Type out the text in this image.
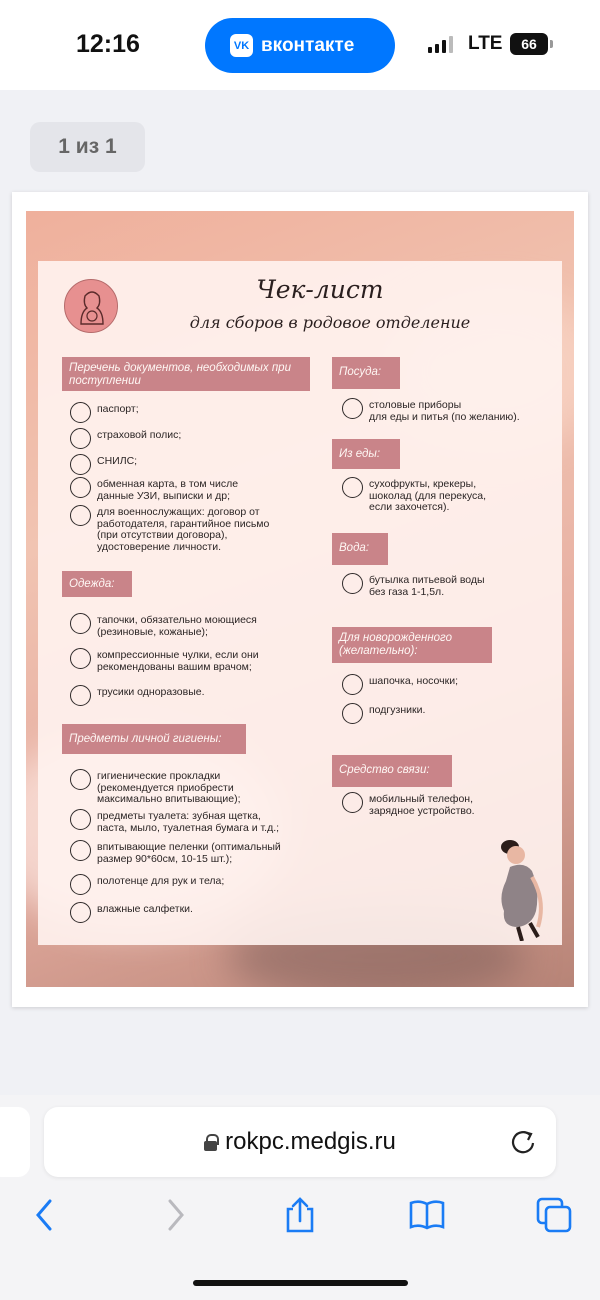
12:16	VK вконтакте	LTE	66
1 из 1
Чек-лист
для сборов в родовое отделение
Перечень документов, необходимых при поступлении
паспорт;
страховой полис;
СНИЛС;
обменная карта, в том числе
данные УЗИ, выписки и др;
для военнослужащих: договор от
работодателя, гарантийное письмо
(при отсутствии договора),
удостоверение личности.
Одежда:
тапочки, обязательно моющиеся
(резиновые, кожаные);
компрессионные чулки, если они
рекомендованы вашим врачом;
трусики одноразовые.
Предметы личной гигиены:
гигиенические прокладки
(рекомендуется приобрести
максимально впитывающие);
предметы туалета: зубная щетка,
паста, мыло, туалетная бумага и т.д.;
впитывающие пеленки (оптимальный
размер 90*60см, 10-15 шт.);
полотенце для рук и тела;
влажные салфетки.
Посуда:
столовые приборы
для еды и питья (по желанию).
Из еды:
сухофрукты, крекеры,
шоколад (для перекуса,
если захочется).
Вода:
бутылка питьевой воды
без газа 1-1,5л.
Для новорожденного (желательно):
шапочка, носочки;
подгузники.
Средство связи:
мобильный телефон,
зарядное устройство.
rokpc.medgis.ru
